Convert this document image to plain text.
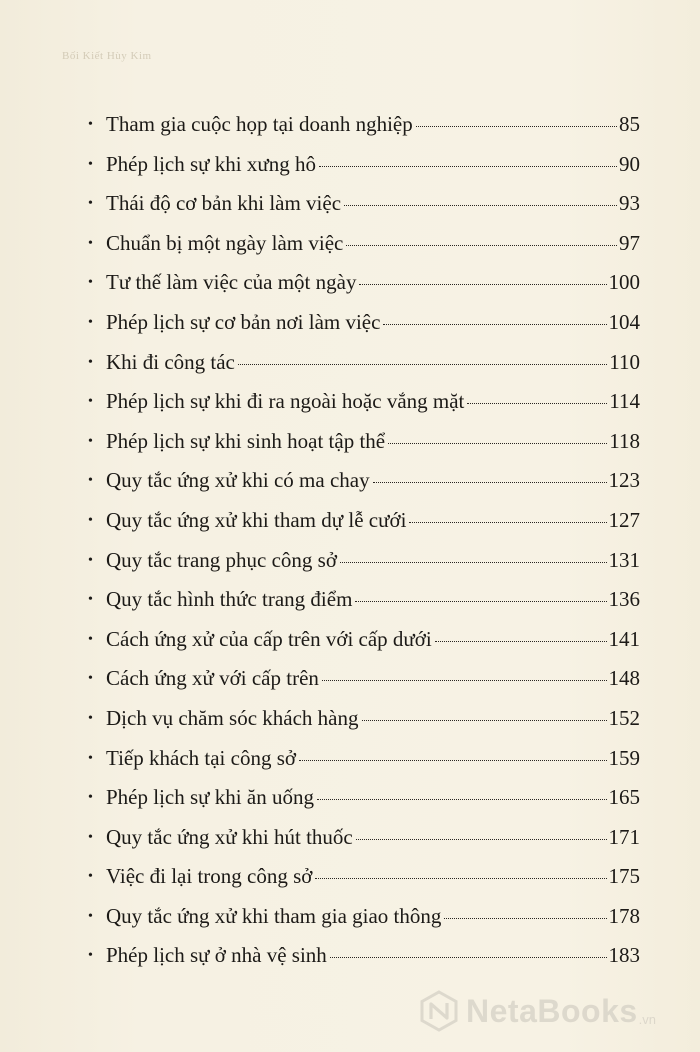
Bối Kiết Hùy Kim
• Tham gia cuộc họp tại doanh nghiệp	85
• Phép lịch sự khi xưng hô	90
• Thái độ cơ bản khi làm việc	93
• Chuẩn bị một ngày làm việc	97
• Tư thế làm việc của một ngày	100
• Phép lịch sự cơ bản nơi làm việc	104
• Khi đi công tác	110
• Phép lịch sự khi đi ra ngoài hoặc vắng mặt	114
• Phép lịch sự khi sinh hoạt tập thể	118
• Quy tắc ứng xử khi có ma chay	123
• Quy tắc ứng xử khi tham dự lễ cưới	127
• Quy tắc trang phục công sở	131
• Quy tắc hình thức trang điểm	136
• Cách ứng xử của cấp trên với cấp dưới	141
• Cách ứng xử với cấp trên	148
• Dịch vụ chăm sóc khách hàng	152
• Tiếp khách tại công sở	159
• Phép lịch sự khi ăn uống	165
• Quy tắc ứng xử khi hút thuốc	171
• Việc đi lại trong công sở	175
• Quy tắc ứng xử khi tham gia giao thông	178
• Phép lịch sự ở nhà vệ sinh	183
NetaBooks .vn
